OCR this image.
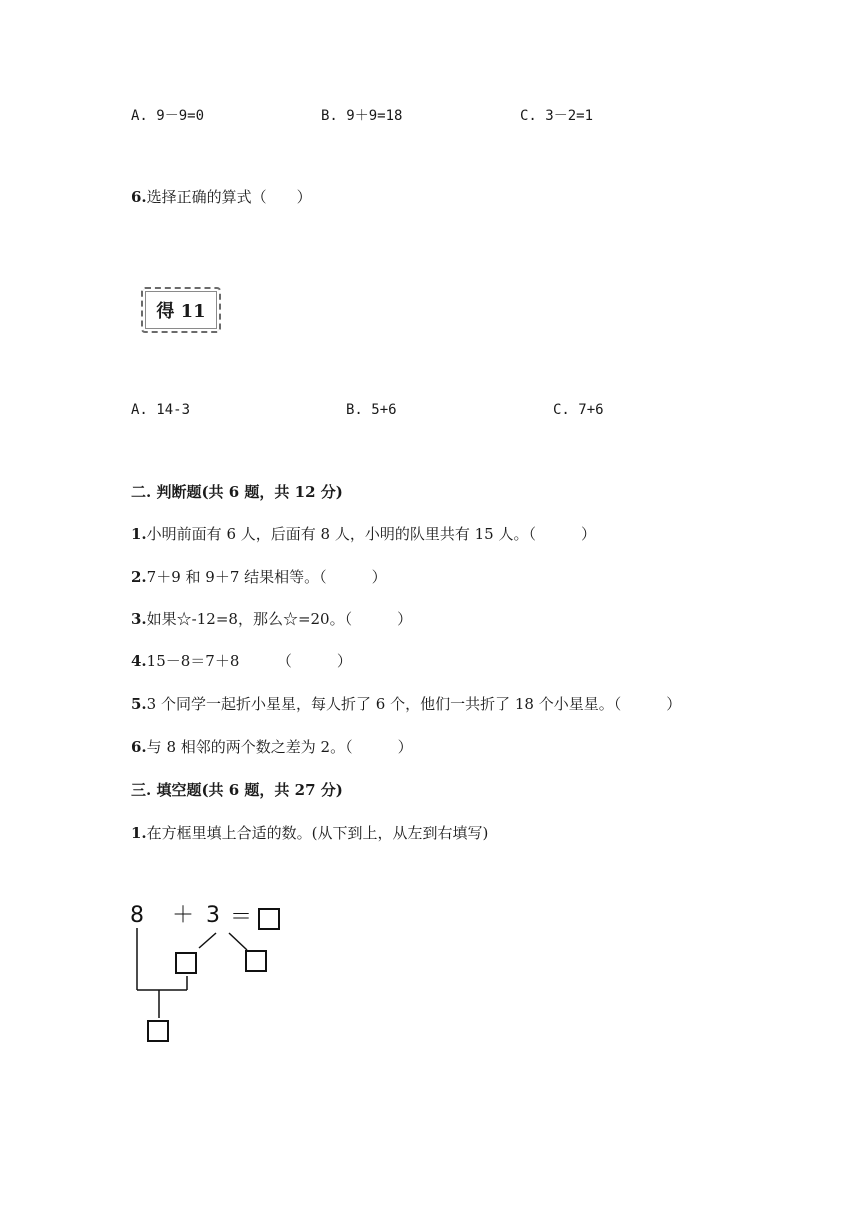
A. 9－9=0	B. 9＋9=18	C. 3－2=1
6.选择正确的算式（　　）
得 11
A. 14-3	B. 5+6	C. 7+6
二. 判断题(共 6 题，共 12 分)
1.小明前面有 6 人，后面有 8 人，小明的队里共有 15 人。（　　　）
2.7＋9 和 9＋7 结果相等。（　　　）
3.如果☆-12=8，那么☆=20。（　　　）
4.15－8＝7＋8　　　（　　　）
5.3 个同学一起折小星星，每人折了 6 个，他们一共折了 18 个小星星。（　　　）
6.与 8 相邻的两个数之差为 2。（　　　）
三. 填空题(共 6 题，共 27 分)
1.在方框里填上合适的数。(从下到上，从左到右填写)
8 ＋ 3 ＝
